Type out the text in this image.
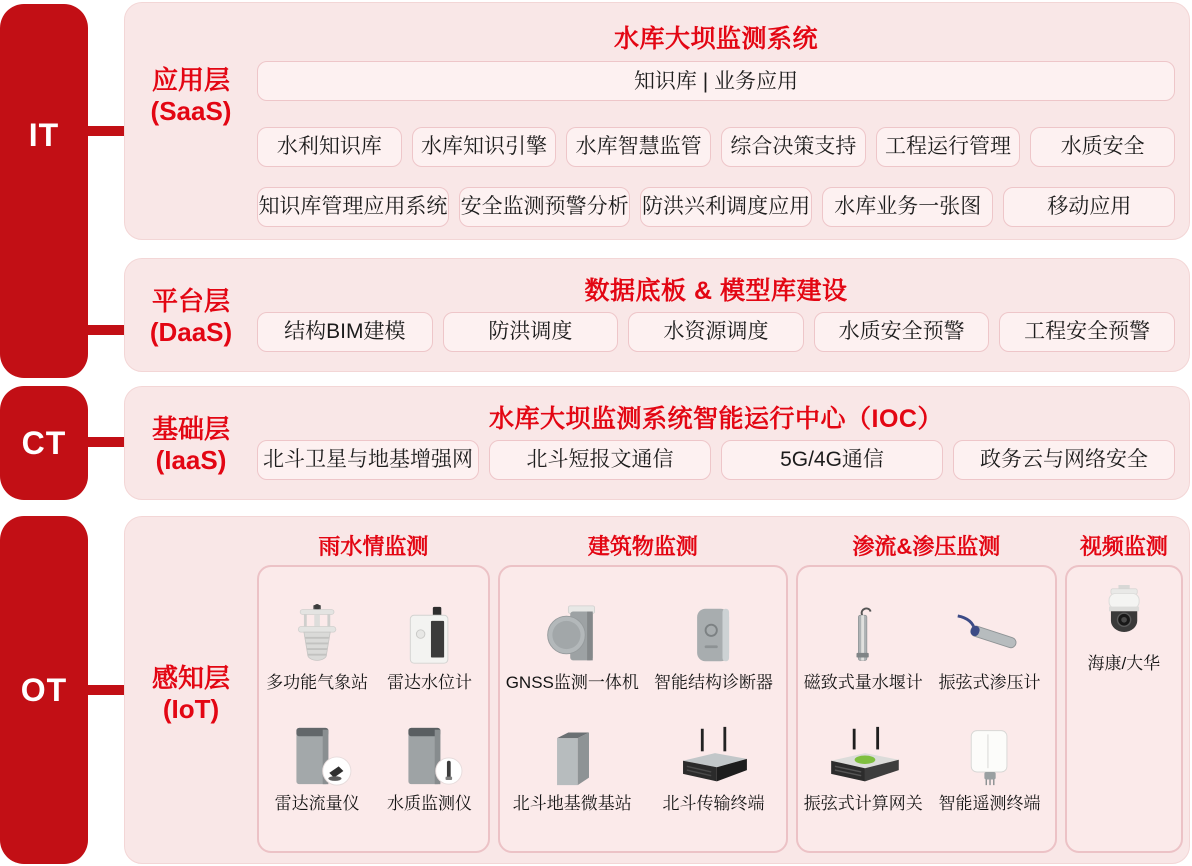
IT
CT
OT
应用层
(SaaS)
水库大坝监测系统
知识库 | 业务应用
水利知识库	水库知识引擎	水库智慧监管	综合决策支持	工程运行管理	水质安全
知识库管理应用系统 安全监测预警分析 防洪兴利调度应用	水库业务一张图	移动应用
平台层
(DaaS)
数据底板 & 模型库建设
结构BIM建模	防洪调度	水资源调度	水质安全预警	工程安全预警
基础层
(IaaS)
水库大坝监测系统智能运行中心（IOC）
北斗卫星与地基增强网	北斗短报文通信	5G/4G通信	政务云与网络安全
感知层
(IoT)
雨水情监测
多功能气象站	雷达水位计
雷达流量仪	水质监测仪
建筑物监测
GNSS监测一体机 智能结构诊断器
北斗地基微基站	北斗传输终端
渗流&渗压监测
磁致式量水堰计 振弦式渗压计
振弦式计算网关 智能遥测终端
视频监测
海康/大华
